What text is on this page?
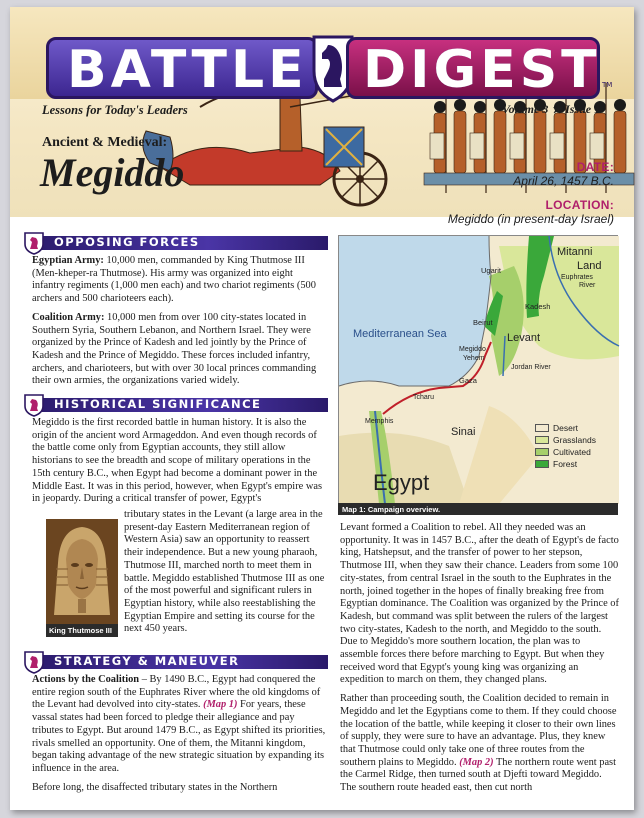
BATTLE DIGEST TM
Lessons for Today's Leaders	Volume 3 ★ Issue 1
Ancient & Medieval:
Megiddo	DATE:
April 26, 1457 B.C.
LOCATION:
Megiddo (in present-day Israel)
OPPOSING FORCES

Egyptian Army: 10,000 men, commanded by King Thutmose III (Men-kheper-ra Thutmose). His army was organized into eight infantry regiments (1,000 men each) and two chariot regiments (500 archers and 500 charioteers each).

Coalition Army: 10,000 men from over 100 city-states located in Southern Syria, Southern Lebanon, and Northern Israel. They were organized by the Prince of Kadesh and led jointly by the Prince of Kadesh and the Prince of Megiddo. These forces included infantry, archers, and charioteers, but with over 30 local princes commanding their own armies, the organizations varied widely.

HISTORICAL SIGNIFICANCE

Megiddo is the first recorded battle in human history. It is also the origin of the ancient word Armageddon. And even though records of the battle come only from Egyptian accounts, they still allow historians to see the breadth and scope of military operations in the 15th century B.C., when Egypt had become a dominant power in the Middle East. It was in this period, however, when Egypt's empire was in jeopardy. During a critical transfer of power, Egypt's

King Thutmose III

tributary states in the Levant (a large area in the present-day Eastern Mediterranean region of Western Asia) saw an opportunity to reassert their independence. But a new young pharaoh, Thutmose III, marched north to meet them in battle. Megiddo established Thutmose III as one of the most powerful and significant rulers in Egyptian history, while also reestablishing the Egyptian Empire and setting its course for the next 450 years.

STRATEGY & MANEUVER

Actions by the Coalition – By 1490 B.C., Egypt had conquered the entire region south of the Euphrates River where the old kingdoms of the Levant had devolved into city-states. (Map 1) For years, these vassal states had been forced to pledge their allegiance and pay tributes to Egypt. But around 1479 B.C., as Egypt shifted its priorities, rivals smelled an opportunity. One of them, the Mitanni kingdom, began taking advantage of the new strategic situation by expanding its influence in the area.

Before long, the disaffected tributary states in the Northern

Mitanni
Land
Euphrates
River
Ugarit
Kadesh
Beirut
Levant
Mediterranean Sea
Megiddo
Yehem
Jordan River
Gaza
Tcharu
Memphis
Sinai
Egypt
Desert
Grasslands
Cultivated
Forest
Map 1: Campaign overview.

Levant formed a Coalition to rebel. All they needed was an opportunity. It was in 1457 B.C., after the death of Egypt's de facto king, Hatshepsut, and the transfer of power to her stepson, Thutmose III, when they saw their chance. Leaders from some 100 city-states, from central Israel in the south to the Euphrates in the north, joined together in the hopes of finally breaking free from Egyptian dominance. The Coalition was organized by the Prince of Kadesh, but command was split between the rulers of the largest two city-states, Kadesh to the north, and Megiddo to the south. Due to Megiddo's more southern location, the plan was to assemble forces there before marching to Egypt. But when they received word that Egypt's young king was organizing an expedition to march on them, they changed plans.

Rather than proceeding south, the Coalition decided to remain in Megiddo and let the Egyptians come to them. If they could choose the location of the battle, while keeping it closer to their own lines of supply, they were sure to have an advantage. Plus, they knew that Thutmose could only take one of three routes from the southern plains to Megiddo. (Map 2) The northern route went past the Carmel Ridge, then turned south at Djefti toward Megiddo. The southern route headed east, then cut north
